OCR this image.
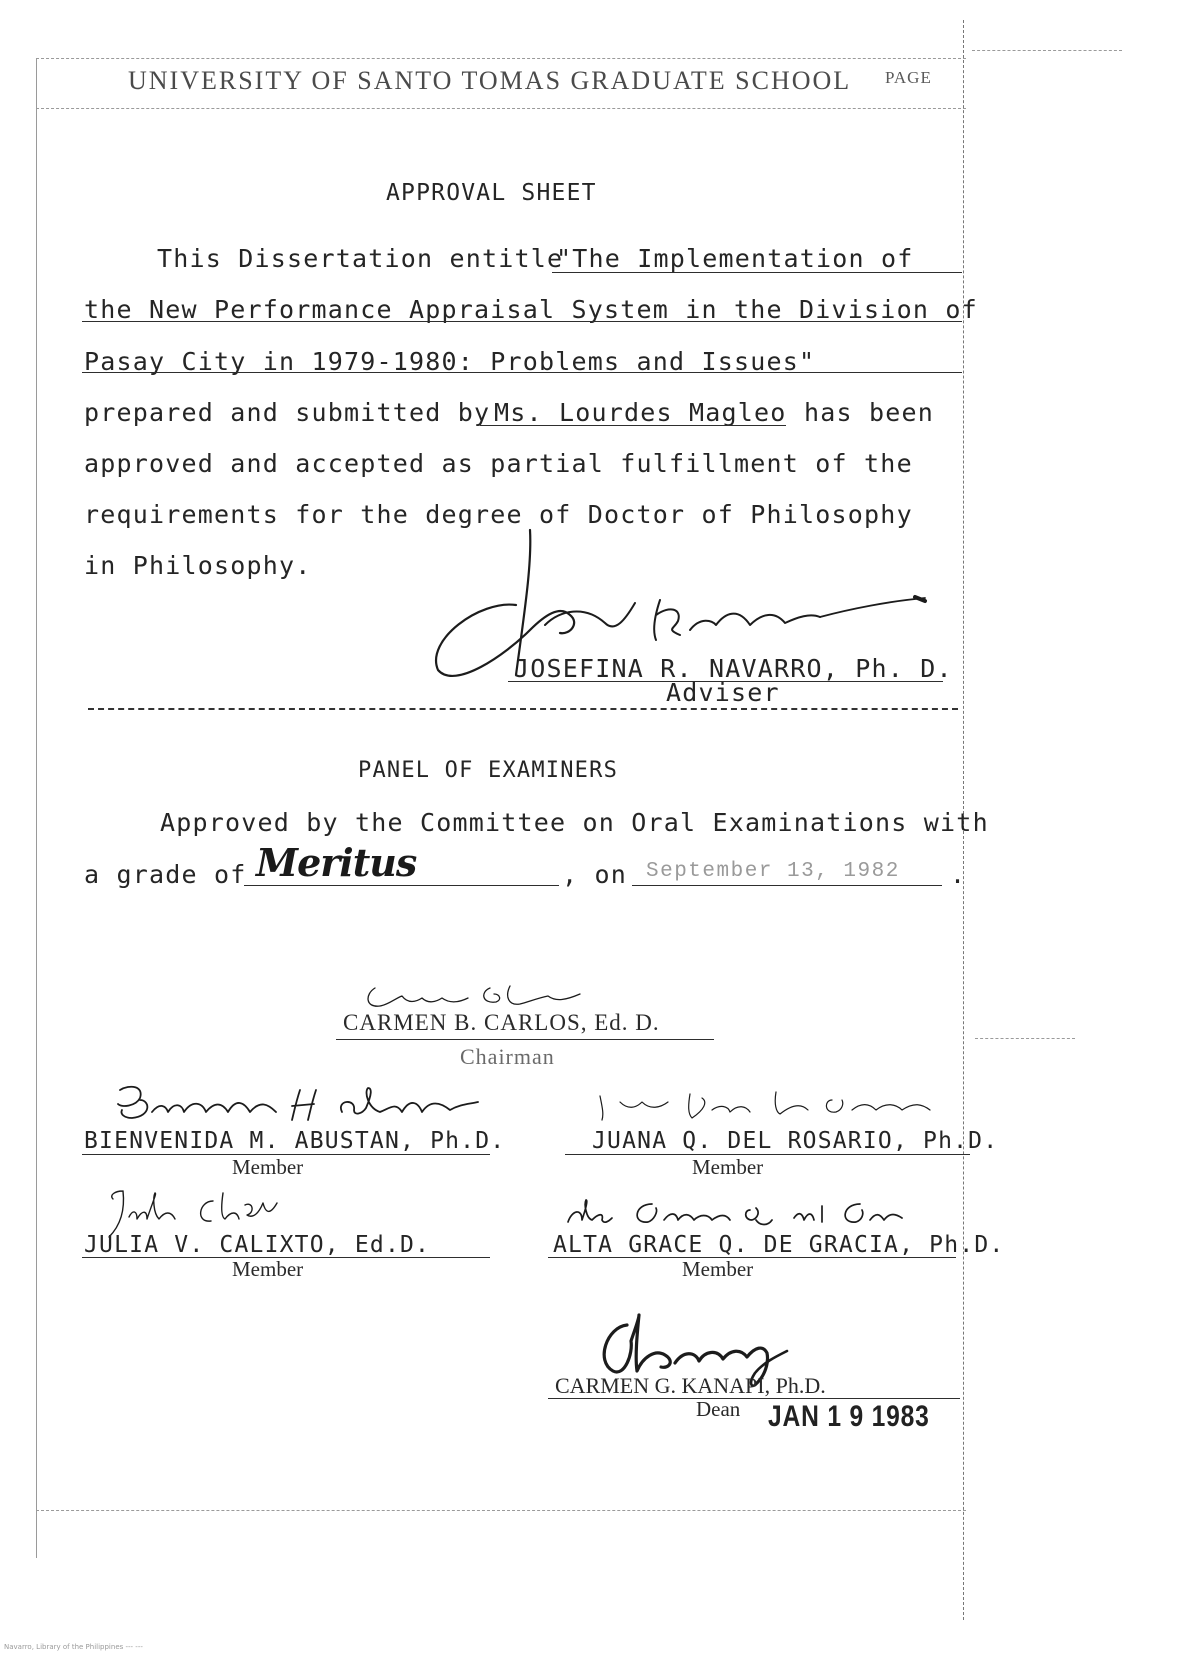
UNIVERSITY OF SANTO TOMAS GRADUATE SCHOOL PAGE
APPROVAL SHEET
This Dissertation entitle
"The Implementation of
the New Performance Appraisal System in the Division of
Pasay City in 1979-1980: Problems and Issues"
prepared and submitted by Ms. Lourdes Magleo has been
approved and accepted as partial fulfillment of the
requirements for the degree of Doctor of Philosophy
in Philosophy.
JOSEFINA R. NAVARRO, Ph. D.
Adviser
PANEL OF EXAMINERS
Approved by the Committee on Oral Examinations with
a grade of Meritus	, on September 13, 1982 .
CARMEN B. CARLOS, Ed. D.
Chairman
BIENVENIDA M. ABUSTAN, Ph.D.
Member
JUANA Q. DEL ROSARIO, Ph.D.
Member
JULIA V. CALIXTO, Ed.D.
Member
ALTA GRACE Q. DE GRACIA, Ph.D.
Member
CARMEN G. KANAPI, Ph.D.
Dean JAN 1 9 1983
Navarro, Library of the Philippines --- ---
